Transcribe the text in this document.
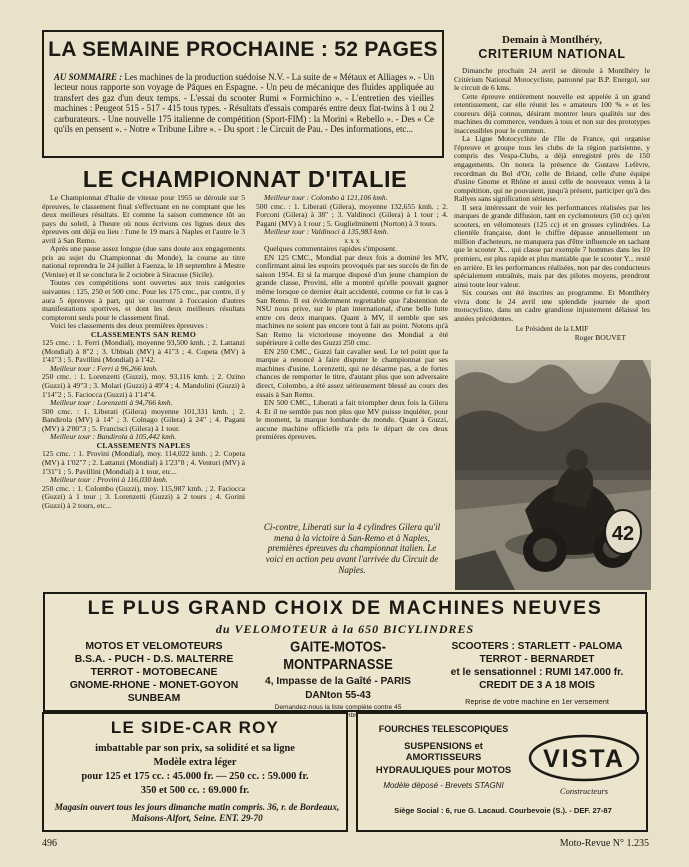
LA SEMAINE PROCHAINE : 52 PAGES
AU SOMMAIRE : Les machines de la production suédoise N.V. - La suite de « Métaux et Alliages ». - Un lecteur nous rapporte son voyage de Pâques en Espagne. - Un peu de mécanique des fluides appliquée au transfert des gaz d'un deux temps. - L'essai du scooter Rumi « Formichino ». - L'entretien des vieilles machines : Peugeot 515 - 517 - 415 tous types. - Résultats d'essais comparés entre deux flat-twins à 1 ou 2 carburateurs. - Une nouvelle 175 italienne de compétition (Sport-FIM) : la Morini « Rebello ». - Des « Ce qu'ils en pensent ». - Notre « Tribune Libre ». - Du sport : le Circuit de Pau. - Des informations, etc...
Demain à Montlhéry,
CRITERIUM NATIONAL

Dimanche prochain 24 avril se déroule à Montlhéry le Critérium National Motocycliste, patronné par B.P. Energol, sur le circuit de 6 kms.

Cette épreuve entièrement nouvelle est appelée à un grand retentissement, car elle réunit les « amateurs 100 % » et les coureurs déjà connus, désirant montrer leurs qualités sur des machines du commerce, vendues à tous et non sur des prototypes inaccessibles pour le commun.

La Ligue Motocycliste de l'Ile de France, qui organise l'épreuve et groupe tous les clubs de la région parisienne, y compris des Vespa-Clubs, a déjà enregistré près de 150 engagements. On notera la présence de Gustave Lefèvre, recordman du Bol d'Or, celle de Briand, celle d'une équipe d'usine Gnome et Rhône et aussi celle de nouveaux venus à la compétition, qui ne pouvaient, jusqu'à présent, participer qu'à des Rallyes sans signification sérieuse.

Il sera intéressant de voir les performances réalisées par les marques de grande diffusion, tant en cyclomoteurs (50 cc) qu'en scooters, en vélomoteurs (125 cc) et en grosses cylindrées. La clientèle française, dont le chiffre dépasse annuellement un million d'acheteurs, ne manquera pas d'être influencée en sachant que le scooter X... qui classe par exemple 7 hommes dans les 10 premiers, est plus rapide et plus maniable que le scooter Y... resté en arrière. Et les performances réalisées, non par des conducteurs spécialement entraînés, mais par des pilotes moyens, prendront ainsi toute leur valeur.

Six courses ont été inscrites au programme. Et Montlhéry vivra donc le 24 avril une splendide journée de sport motocycliste, dans un cadre grandiose injustement délaissé les années précédentes.

Le Président de la LMIF
Roger BOUVET
LE CHAMPIONNAT D'ITALIE

Le Championnat d'Italie de vitesse pour 1955 se déroule sur 5 épreuves, le classement final s'effectuant en ne comptant que les deux meilleurs résultats. Et comme la saison commence tôt au pays du soleil, à l'heure où nous écrivons ces lignes deux des épreuves ont déjà eu lieu : l'une le 19 mars à Naples et l'autre le 3 avril à San Remo.

Après une pause assez longue (due sans doute aux engagements pris au sujet du Championnat du Monde), la course au titre national reprendra le 24 juillet à Faenza, le 18 septembre à Mestre (Venise) et il se conclura le 2 octobre à Siracuse (Sicile).

Toutes ces compétitions sont ouvertes aux trois catégories suivantes : 125, 250 et 500 cmc. Pour les 175 cmc., par contre, il y aura 5 épreuves à part, qui se courront à l'occasion d'autres manifestations sportives, et dont les deux meilleurs résultats compteront seuls pour le classement final.

Voici les classements des deux premières épreuves :

CLASSEMENTS SAN REMO

125 cmc. : 1. Ferri (Mondial), moyenne 93,500 kmh. ; 2. Lattanzi (Mondial) à 8"2 ; 3. Ubbiali (MV) à 41"3 ; 4. Copeta (MV) à 1'41"3 ; 5. Pavillini (Mondial) à 1'42.

Meilleur tour : Ferri à 96,266 kmh.

250 cmc. : 1. Lorenzetti (Guzzi), moy. 93,116 kmh. ; 2. Ozino (Guzzi) à 49"3 ; 3. Molari (Guzzi) à 49"4 ; 4. Mandolini (Guzzi) à 1'14"2 ; 5. Faciocca (Guzzi) à 1'14"4.

Meilleur tour : Lorenzetti à 94,766 kmh.

500 cmc. : 1. Liberati (Gilera) moyenne 101,331 kmh. ; 2. Bandirola (MV) à 14" ; 3. Colnago (Gilera) à 24" ; 4. Pagani (MV) à 2'00"3 ; 5. Francisci (Gilera) à 1 tour.

Meilleur tour : Bandirola à 105,442 kmh.

CLASSEMENTS NAPLES

125 cmc. : 1. Provini (Mondial), moy. 114,022 kmh. ; 2. Copeta (MV) à 1'02"7 ; 2. Lattanzi (Mondial) à 1'23"8 ; 4. Venturi (MV) à 1'31"1 ; 5. Pavillini (Mondial) à 1 tour, etc...

Meilleur tour : Provini à 116,030 kmh.

250 cmc. : 1. Colombo (Guzzi), moy. 115,987 kmh. ; 2. Faciocca (Guzzi) à 1 tour ; 3. Lorenzetti (Guzzi) à 2 tours ; 4. Gorini (Guzzi) à 2 tours, etc...

Meilleur tour : Colombo à 121,106 kmh.

500 cmc. : 1. Liberati (Gilera), moyenne 132,655 kmh. ; 2. Forconi (Gilera) à 38" ; 3. Valdinoci (Gilera) à 1 tour ; 4. Pagani (MV) à 1 tour ; 5. Guglielminetti (Norton) à 3 tours.

Meilleur tour : Valdinoci à 135,983 kmh.

x x x

Quelques commentaires rapides s'imposent.

EN 125 CMC., Mondial par deux fois a dominé les MV, confirmant ainsi les espoirs provoqués par ses succès de fin de saison 1954. Et si la marque disposé d'un jeune champion de grande classe, Provini, elle a montré qu'elle pouvait gagner même lorsque ce dernier était accidenté, comme ce fut le cas à San Remo. Il est évidemment regrettable que l'abstention de NSU nous prive, sur le plan international, d'une belle lutte entre ces deux marques. Quant à MV, il semble que ses machines ne soient pas encore tout à fait au point. Notons qu'à San Remo la victorieuse moyenne des Mondial a été supérieure à celle des Guzzi 250 cmc.

EN 250 CMC., Guzzi fait cavalier seul. Le tel point que la marque a renoncé à faire disputer le championnat par ses machines d'usine. Lorenzetti, qui ne désarme pas, a de fortes chances de remporter le titre, d'autant plus que son adversaire direct, Colombo, a été assez sérieusement blessé au cours des essais à San Remo.

EN 500 CMC., Liberati a fait triompher deux fois la Gilera 4. Et il ne semble pas non plus que MV puisse inquiéter, pour le moment, la marque lombarde du monde. Quant à Guzzi, aucune machine officielle n'a pris le départ de ces deux premières épreuves.

Ci-contre, Liberati sur la 4 cylindres Gilera qu'il mena à la victoire à San-Remo et à Naples, premières épreuves du championnat italien. Le voici en action peu avant l'arrivée du Circuit de Naples.
42
LE PLUS GRAND CHOIX DE MACHINES NEUVES
du VELOMOTEUR à la 650 BICYLINDRES
MOTOS ET VELOMOTEURS
B.S.A. - PUCH - D.S. MALTERRE
TERROT - MOTOBECANE
GNOME-RHONE - MONET-GOYON
SUNBEAM
GAITE-MOTOS-MONTPARNASSE
4, Impasse de la Gaîté - PARIS
DANton 55-43
Demandez-nous la liste complète contre 45 timbres
SCOOTERS : STARLETT - PALOMA
TERROT - BERNARDET
et le sensationnel : RUMI 147.000 fr.
CREDIT DE 3 A 18 MOIS
Reprise de votre machine en 1er versement
LE SIDE-CAR ROY
imbattable par son prix, sa solidité et sa ligne
Modèle extra léger
pour 125 et 175 cc. : 45.000 fr. — 250 cc. : 59.000 fr.
350 et 500 cc. : 69.000 fr.
Magasin ouvert tous les jours dimanche matin compris. 36, r. de Bordeaux, Maisons-Alfort, Seine. ENT. 29-70
FOURCHES TELESCOPIQUES
SUSPENSIONS et AMORTISSEURS
HYDRAULIQUES pour MOTOS
Modèle déposé - Brevets STAGNI
VISTA
Constructeurs
Siège Social : 6, rue G. Lacaud. Courbevoie (S.). - DEF. 27-87
496	Moto-Revue N° 1.235
